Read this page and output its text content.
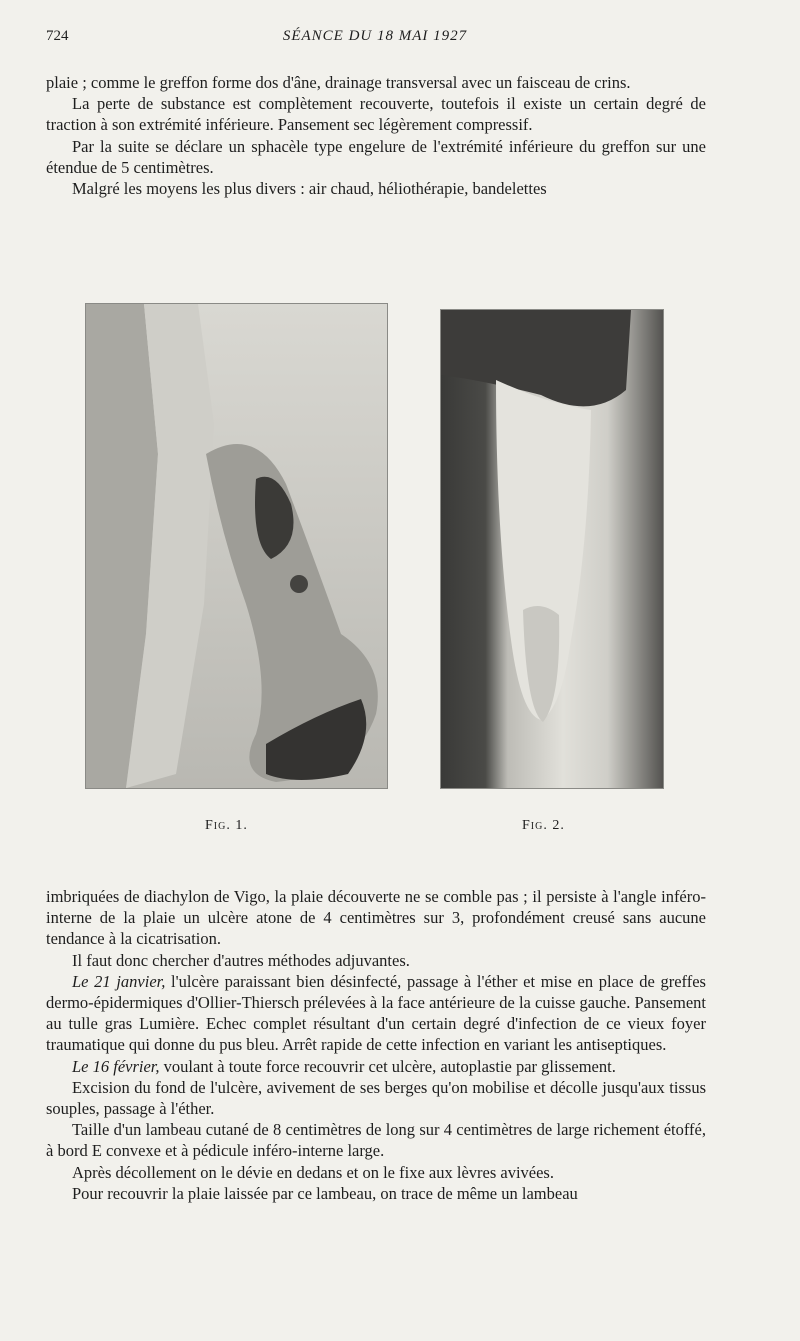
724	SÉANCE DU 18 MAI 1927

plaie ; comme le greffon forme dos d'âne, drainage transversal avec un faisceau de crins.

La perte de substance est complètement recouverte, toutefois il existe un certain degré de traction à son extrémité inférieure. Pansement sec légèrement compressif.

Par la suite se déclare un sphacèle type engelure de l'extrémité inférieure du greffon sur une étendue de 5 centimètres.

Malgré les moyens les plus divers : air chaud, héliothérapie, bandelettes

Fig. 1.	Fig. 2.

imbriquées de diachylon de Vigo, la plaie découverte ne se comble pas ; il persiste à l'angle inféro-interne de la plaie un ulcère atone de 4 centimètres sur 3, profondément creusé sans aucune tendance à la cicatrisation.

Il faut donc chercher d'autres méthodes adjuvantes.

Le 21 janvier, l'ulcère paraissant bien désinfecté, passage à l'éther et mise en place de greffes dermo-épidermiques d'Ollier-Thiersch prélevées à la face antérieure de la cuisse gauche. Pansement au tulle gras Lumière. Echec complet résultant d'un certain degré d'infection de ce vieux foyer traumatique qui donne du pus bleu. Arrêt rapide de cette infection en variant les antiseptiques.

Le 16 février, voulant à toute force recouvrir cet ulcère, autoplastie par glissement.

Excision du fond de l'ulcère, avivement de ses berges qu'on mobilise et décolle jusqu'aux tissus souples, passage à l'éther.

Taille d'un lambeau cutané de 8 centimètres de long sur 4 centimètres de large richement étoffé, à bord E convexe et à pédicule inféro-interne large.

Après décollement on le dévie en dedans et on le fixe aux lèvres avivées.

Pour recouvrir la plaie laissée par ce lambeau, on trace de même un lambeau
